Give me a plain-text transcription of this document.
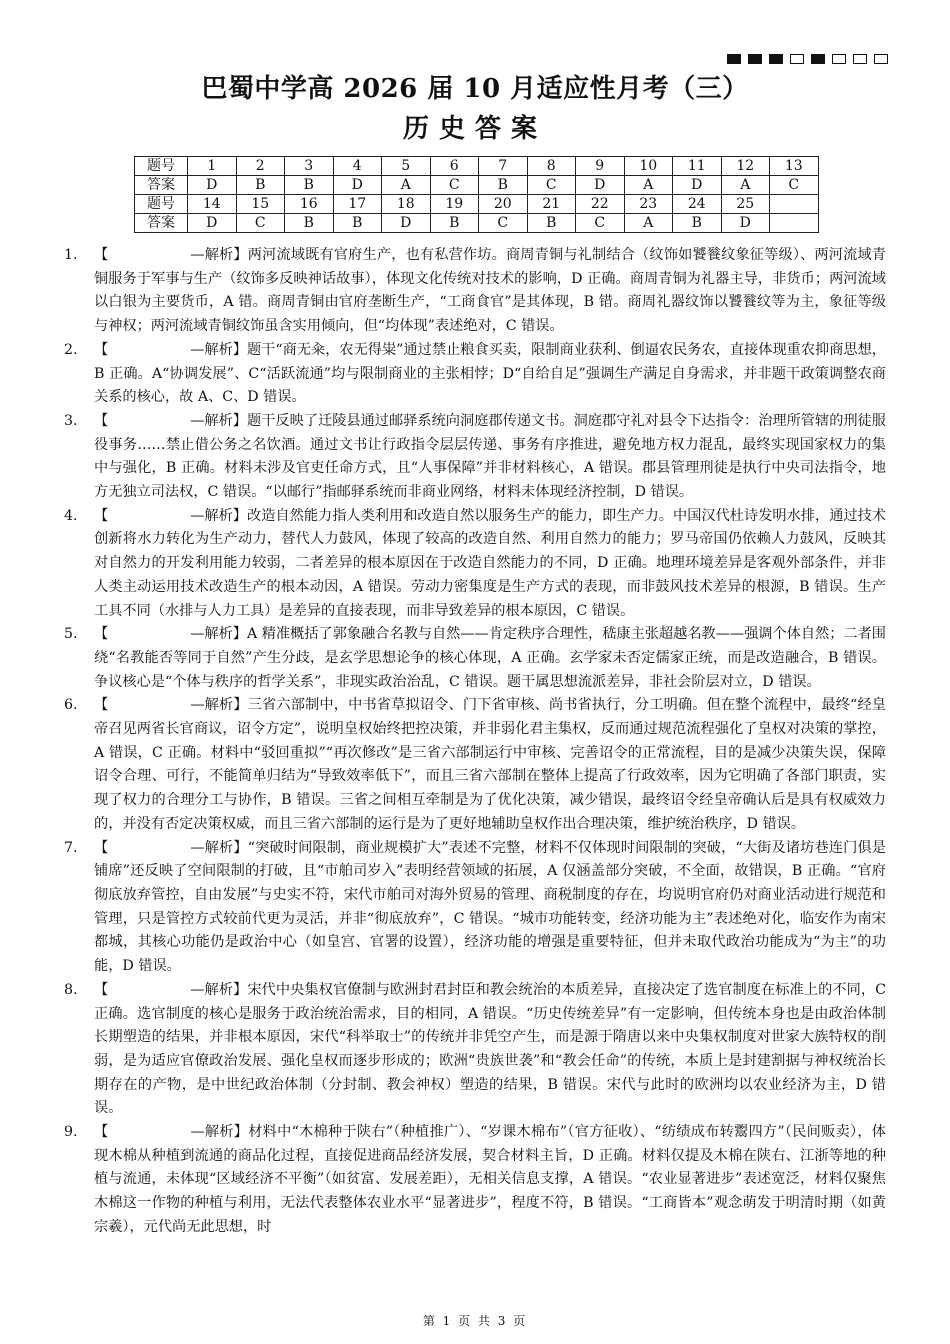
巴蜀中学高 2026 届 10 月适应性月考（三）
历史答案
题号	1	2	3	4	5	6	7	8	9	10	11	12	13
答案	D	B	B	D	A	C	B	C	D	A	D	A	C
题号	14	15	16	17	18	19	20	21	22	23	24	25	
答案	D	C	B	B	D	B	C	B	C	A	B	D	
1.	【	—解析】两河流域既有官府生产，也有私营作坊。商周青铜与礼制结合（纹饰如饕餮纹象征等级）、两河流域青铜服务于军事与生产（纹饰多反映神话故事），体现文化传统对技术的影响，D 正确。商周青铜为礼器主导，非货币；两河流域以白银为主要货币，A 错。商周青铜由官府垄断生产，“工商食官”是其体现，B 错。商周礼器纹饰以饕餮纹等为主，象征等级与神权；两河流域青铜纹饰虽含实用倾向，但“均体现”表述绝对，C 错误。
2.	【	—解析】题干“商无籴，农无得粜”通过禁止粮食买卖，限制商业获利、倒逼农民务农，直接体现重农抑商思想，B 正确。A“协调发展”、C“活跃流通”均与限制商业的主张相悖；D“自给自足”强调生产满足自身需求，并非题干政策调整农商关系的核心，故 A、C、D 错误。
3.	【	—解析】题干反映了迁陵县通过邮驿系统向洞庭郡传递文书。洞庭郡守礼对县令下达指令：治理所管辖的刑徒服役事务……禁止借公务之名饮酒。通过文书让行政指令层层传递、事务有序推进，避免地方权力混乱，最终实现国家权力的集中与强化，B 正确。材料未涉及官吏任命方式，且“人事保障”并非材料核心，A 错误。郡县管理刑徒是执行中央司法指令，地方无独立司法权，C 错误。“以邮行”指邮驿系统而非商业网络，材料未体现经济控制，D 错误。
4.	【	—解析】改造自然能力指人类利用和改造自然以服务生产的能力，即生产力。中国汉代杜诗发明水排，通过技术创新将水力转化为生产动力，替代人力鼓风，体现了较高的改造自然、利用自然力的能力；罗马帝国仍依赖人力鼓风，反映其对自然力的开发利用能力较弱，二者差异的根本原因在于改造自然能力的不同，D 正确。地理环境差异是客观外部条件，并非人类主动运用技术改造生产的根本动因，A 错误。劳动力密集度是生产方式的表现，而非鼓风技术差异的根源，B 错误。生产工具不同（水排与人力工具）是差异的直接表现，而非导致差异的根本原因，C 错误。
5.	【	—解析】A 精准概括了郭象融合名教与自然——肯定秩序合理性，嵇康主张超越名教——强调个体自然；二者围绕“名教能否等同于自然”产生分歧，是玄学思想论争的核心体现，A 正确。玄学家未否定儒家正统，而是改造融合，B 错误。争议核心是“个体与秩序的哲学关系”，非现实政治治乱，C 错误。题干属思想流派差异，非社会阶层对立，D 错误。
6.	【	—解析】三省六部制中，中书省草拟诏令、门下省审核、尚书省执行，分工明确。但在整个流程中，最终“经皇帝召见两省长官商议，诏令方定”，说明皇权始终把控决策，并非弱化君主集权，反而通过规范流程强化了皇权对决策的掌控，A 错误，C 正确。材料中“驳回重拟”“再次修改”是三省六部制运行中审核、完善诏令的正常流程，目的是减少决策失误，保障诏令合理、可行，不能简单归结为“导致效率低下”，而且三省六部制在整体上提高了行政效率，因为它明确了各部门职责，实现了权力的合理分工与协作，B 错误。三省之间相互牵制是为了优化决策，减少错误，最终诏令经皇帝确认后是具有权威效力的，并没有否定决策权威，而且三省六部制的运行是为了更好地辅助皇权作出合理决策，维护统治秩序，D 错误。
7.	【	—解析】“突破时间限制，商业规模扩大”表述不完整，材料不仅体现时间限制的突破，“大街及诸坊巷连门俱是铺席”还反映了空间限制的打破，且“市舶司岁入”表明经营领域的拓展，A 仅涵盖部分突破，不全面，故错误，B 正确。“官府彻底放弃管控，自由发展”与史实不符，宋代市舶司对海外贸易的管理、商税制度的存在，均说明官府仍对商业活动进行规范和管理，只是管控方式较前代更为灵活，并非“彻底放弃”，C 错误。“城市功能转变，经济功能为主”表述绝对化，临安作为南宋都城，其核心功能仍是政治中心（如皇宫、官署的设置），经济功能的增强是重要特征，但并未取代政治功能成为“为主”的功能，D 错误。
8.	【	—解析】宋代中央集权官僚制与欧洲封君封臣和教会统治的本质差异，直接决定了选官制度在标准上的不同，C 正确。选官制度的核心是服务于政治统治需求，目的相同，A 错误。“历史传统差异”有一定影响，但传统本身也是由政治体制长期塑造的结果，并非根本原因，宋代“科举取士”的传统并非凭空产生，而是源于隋唐以来中央集权制度对世家大族特权的削弱，是为适应官僚政治发展、强化皇权而逐步形成的；欧洲“贵族世袭”和“教会任命”的传统，本质上是封建割据与神权统治长期存在的产物，是中世纪政治体制（分封制、教会神权）塑造的结果，B 错误。宋代与此时的欧洲均以农业经济为主，D 错误。
9.	【	—解析】材料中“木棉种于陕右”（种植推广）、“岁课木棉布”（官方征收）、“纺绩成布转鬻四方”（民间贩卖），体现木棉从种植到流通的商品化过程，直接促进商品经济发展，契合材料主旨，D 正确。材料仅提及木棉在陕右、江浙等地的种植与流通，未体现“区域经济不平衡”（如贫富、发展差距），无相关信息支撑，A 错误。“农业显著进步”表述宽泛，材料仅聚焦木棉这一作物的种植与利用，无法代表整体农业水平“显著进步”，程度不符，B 错误。“工商皆本”观念萌发于明清时期（如黄宗羲），元代尚无此思想，时
第 1 页 共 3 页
